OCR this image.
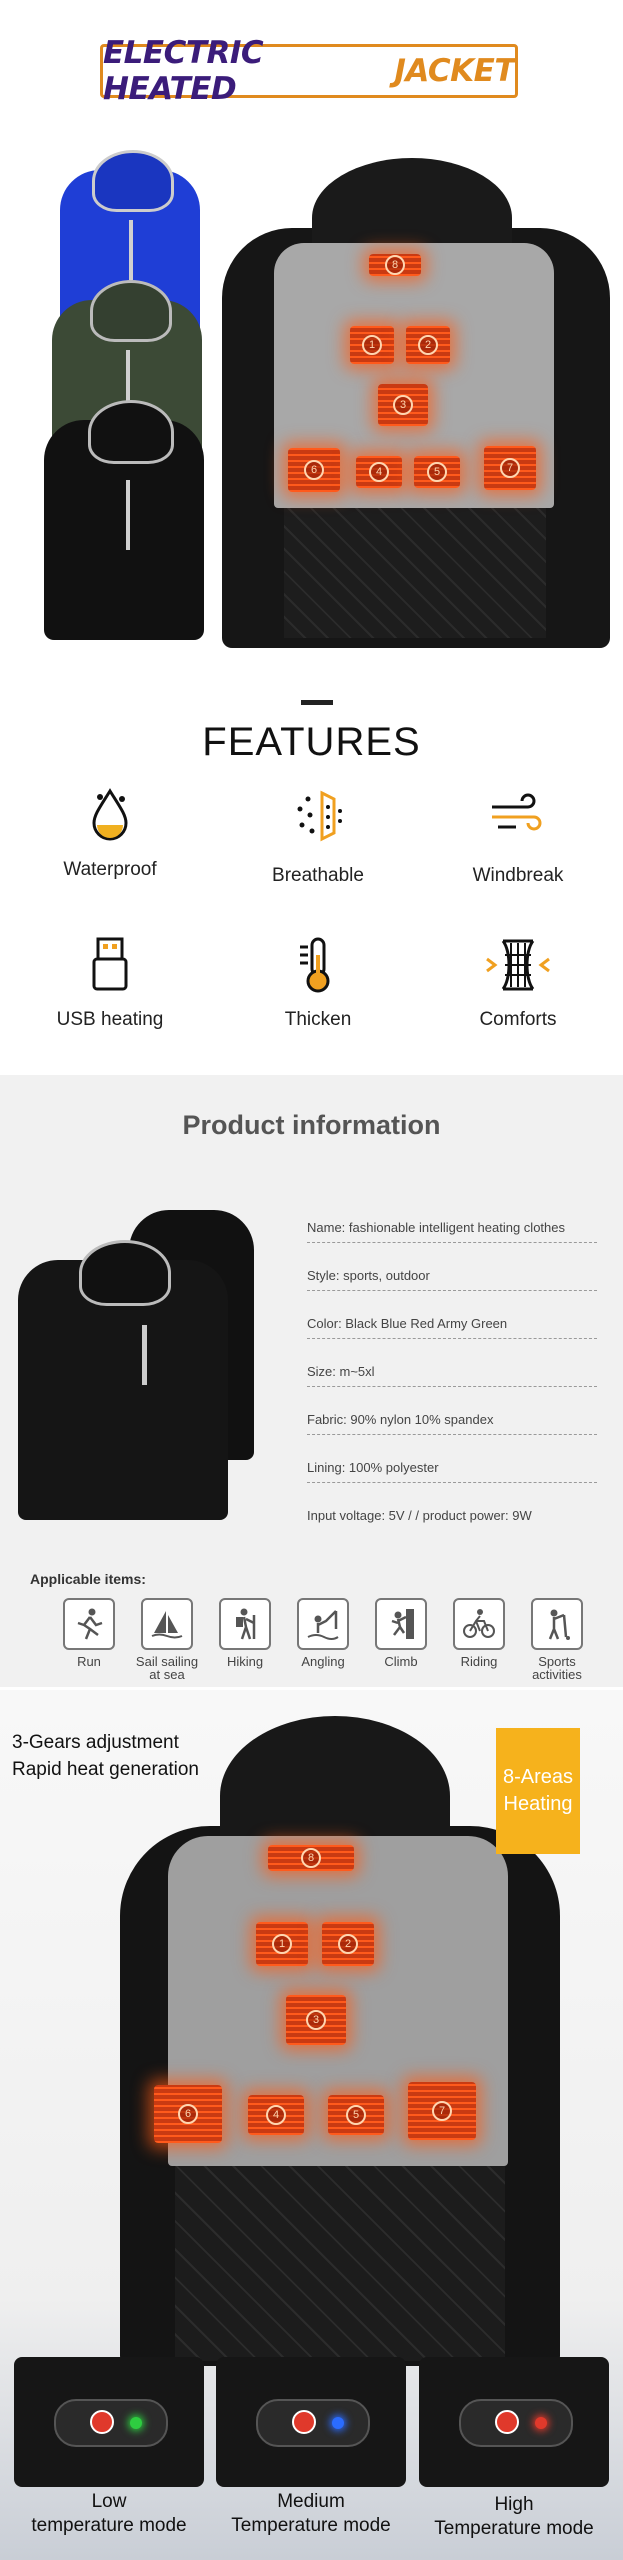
ELECTRIC HEATED	JACKET
8
1	2
3
6	4	5	7
FEATURES
Waterproof	Breathable	Windbreak
USB heating	Thicken	Comforts
Product information
Name: fashionable intelligent heating clothes
Style: sports, outdoor
Color: Black Blue Red Army Green
Size: m~5xl
Fabric: 90% nylon 10% spandex
Lining: 100% polyester
Input voltage: 5V / / product power: 9W
Applicable items:
Run	Sail sailing
at sea
Hiking	Angling	Climb	Riding	Sports
activities
8
1	2
3
6	4	5	7
3-Gears adjustment
Rapid heat generation	8-Areas
Heating
Low
temperature mode
Medium
Temperature mode
High
Temperature mode
